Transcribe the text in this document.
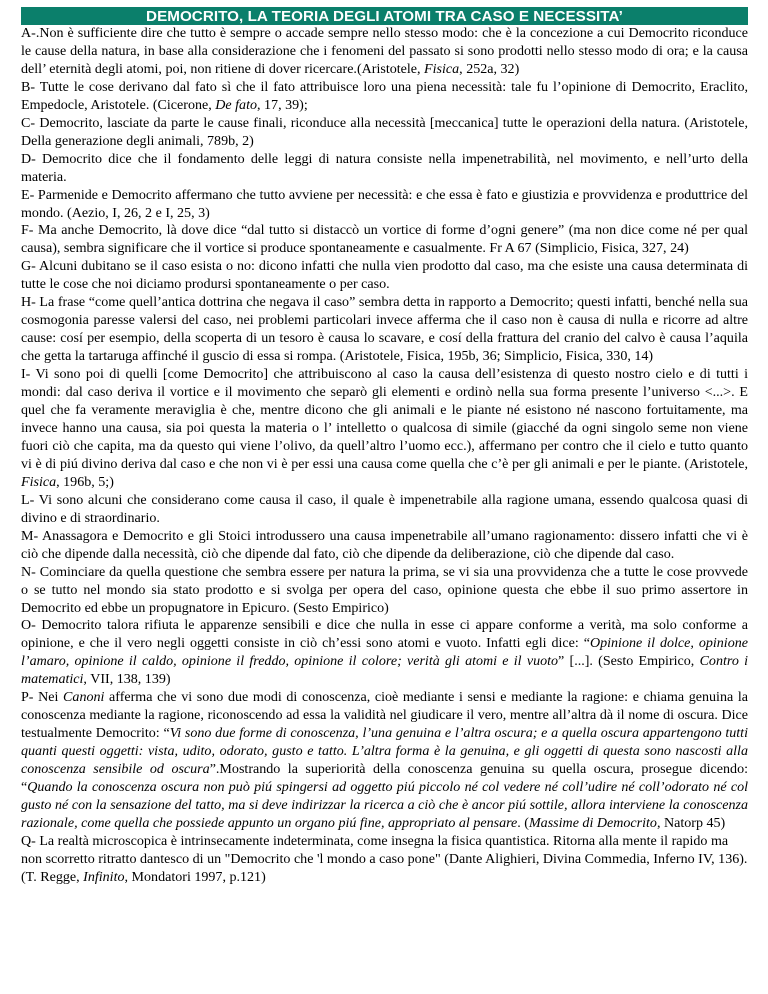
DEMOCRITO, LA TEORIA DEGLI ATOMI TRA CASO E NECESSITA’

A-.Non è sufficiente dire che tutto è sempre o accade sempre nello stesso modo: che è la concezione a cui Democrito riconduce le cause della natura, in base alla considerazione che i fenomeni del passato si sono prodotti nello stesso modo di ora; e la causa dell’ eternità degli atomi, poi, non ritiene di dover ricercare.(Aristotele, Fisica, 252a, 32)

B- Tutte le cose derivano dal fato sì che il fato attribuisce loro una piena necessità: tale fu l’opinione di Democrito, Eraclito, Empedocle, Aristotele. (Cicerone, De fato, 17, 39);

C- Democrito, lasciate da parte le cause finali, riconduce alla necessità [meccanica] tutte le operazioni della natura. (Aristotele, Della generazione degli animali, 789b, 2)

D- Democrito dice che il fondamento delle leggi di natura consiste nella impenetrabilità, nel movimento, e nell’urto della materia.

E- Parmenide e Democrito affermano che tutto avviene per necessità: e che essa è fato e giustizia e provvidenza e produttrice del mondo. (Aezio, I, 26, 2 e I, 25, 3)

F- Ma anche Democrito, là dove dice “dal tutto si distaccò un vortice di forme d’ogni genere” (ma non dice come né per qual causa), sembra significare che il vortice si produce spontaneamente e casualmente. Fr A 67 (Simplicio, Fisica, 327, 24)

G- Alcuni dubitano se il caso esista o no: dicono infatti che nulla vien prodotto dal caso, ma che esiste una causa determinata di tutte le cose che noi diciamo prodursi spontaneamente o per caso.

H- La frase “come quell’antica dottrina che negava il caso” sembra detta in rapporto a Democrito; questi infatti, benché nella sua cosmogonia paresse valersi del caso, nei problemi particolari invece afferma che il caso non è causa di nulla e ricorre ad altre cause: cosí per esempio, della scoperta di un tesoro è causa lo scavare, e cosí della frattura del cranio del calvo è causa l’aquila che getta la tartaruga affinché il guscio di essa si rompa. (Aristotele, Fisica, 195b, 36; Simplicio, Fisica, 330, 14)

I- Vi sono poi di quelli [come Democrito] che attribuiscono al caso la causa dell’esistenza di questo nostro cielo e di tutti i mondi: dal caso deriva il vortice e il movimento che separò gli elementi e ordinò nella sua forma presente l’universo <...>. E quel che fa veramente meraviglia è che, mentre dicono che gli animali e le piante né esistono né nascono fortuitamente, ma invece hanno una causa, sia poi questa la materia o l’ intelletto o qualcosa di simile (giacché da ogni singolo seme non viene fuori ciò che capita, ma da questo qui viene l’olivo, da quell’altro l’uomo ecc.), affermano per contro che il cielo e tutto quanto vi è di piú divino deriva dal caso e che non vi è per essi una causa come quella che c’è per gli animali e per le piante. (Aristotele, Fisica, 196b, 5;)

L- Vi sono alcuni che considerano come causa il caso, il quale è impenetrabile alla ragione umana, essendo qualcosa quasi di divino e di straordinario.

M- Anassagora e Democrito e gli Stoici introdussero una causa impenetrabile all’umano ragionamento: dissero infatti che vi è ciò che dipende dalla necessità, ciò che dipende dal fato, ciò che dipende da deliberazione, ciò che dipende dal caso.

N- Cominciare da quella questione che sembra essere per natura la prima, se vi sia una provvidenza che a tutte le cose provvede o se tutto nel mondo sia stato prodotto e si svolga per opera del caso, opinione questa che ebbe il suo primo assertore in Democrito ed ebbe un propugnatore in Epicuro. (Sesto Empirico)

O- Democrito talora rifiuta le apparenze sensibili e dice che nulla in esse ci appare conforme a verità, ma solo conforme a opinione, e che il vero negli oggetti consiste in ciò ch’essi sono atomi e vuoto. Infatti egli dice: “Opinione il dolce, opinione l’amaro, opinione il caldo, opinione il freddo, opinione il colore; verità gli atomi e il vuoto” [...]. (Sesto Empirico, Contro i matematici, VII, 138, 139)

P- Nei Canoni afferma che vi sono due modi di conoscenza, cioè mediante i sensi e mediante la ragione: e chiama genuina la conoscenza mediante la ragione, riconoscendo ad essa la validità nel giudicare il vero, mentre all’altra dà il nome di oscura. Dice testualmente Democrito: “Vi sono due forme di conoscenza, l’una genuina e l’altra oscura; e a quella oscura appartengono tutti quanti questi oggetti: vista, udito, odorato, gusto e tatto. L’altra forma è la genuina, e gli oggetti di questa sono nascosti alla conoscenza sensibile od oscura”.Mostrando la superiorità della conoscenza genuina su quella oscura, prosegue dicendo: “Quando la conoscenza oscura non può piú spingersi ad oggetto piú piccolo né col vedere né coll’udire né coll’odorato né col gusto né con la sensazione del tatto, ma si deve indirizzar la ricerca a ciò che è ancor piú sottile, allora interviene la conoscenza razionale, come quella che possiede appunto un organo piú fine, appropriato al pensare. (Massime di Democrito, Natorp 45)

Q- La realtà microscopica è intrinsecamente indeterminata, come insegna la fisica quantistica. Ritorna alla mente il rapido ma non scorretto ritratto dantesco di un "Democrito che 'l mondo a caso pone" (Dante Alighieri, Divina Commedia, Inferno IV, 136). (T. Regge, Infinito, Mondatori 1997, p.121)
